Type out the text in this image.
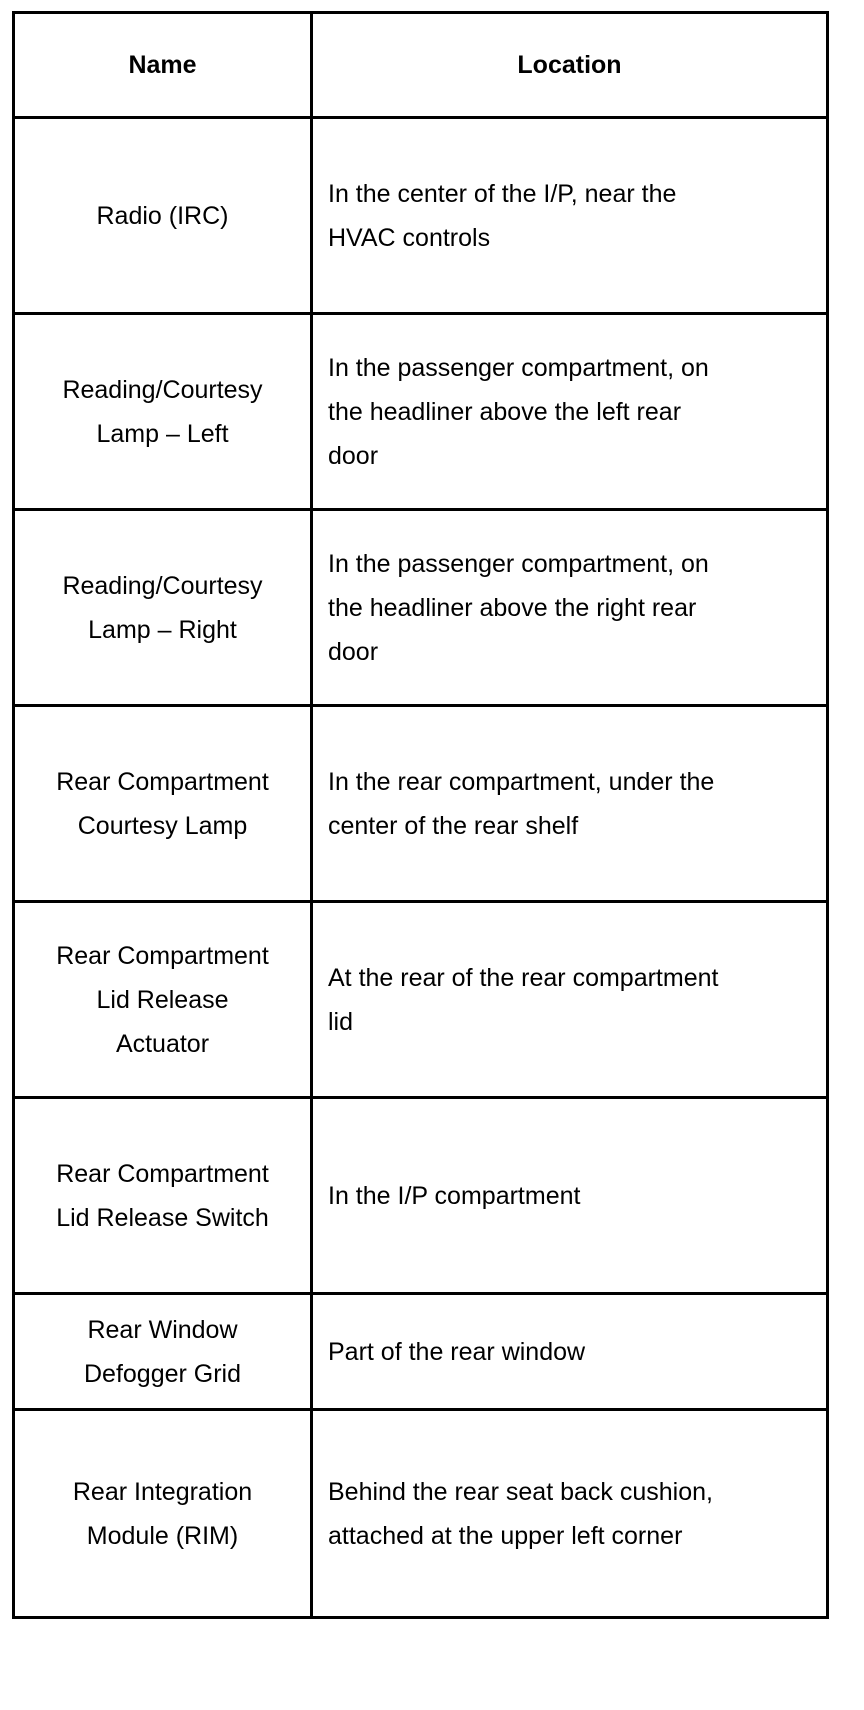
Name	Location

Radio (IRC)	In the center of the I/P, near the
HVAC controls

Reading/Courtesy
Lamp – Left	In the passenger compartment, on
the headliner above the left rear
door

Reading/Courtesy
Lamp – Right	In the passenger compartment, on
the headliner above the right rear
door

Rear Compartment
Courtesy Lamp	In the rear compartment, under the
center of the rear shelf

Rear Compartment
Lid Release
Actuator	At the rear of the rear compartment
lid

Rear Compartment
Lid Release Switch	In the I/P compartment

Rear Window
Defogger Grid	Part of the rear window

Rear Integration
Module (RIM)	Behind the rear seat back cushion,
attached at the upper left corner
